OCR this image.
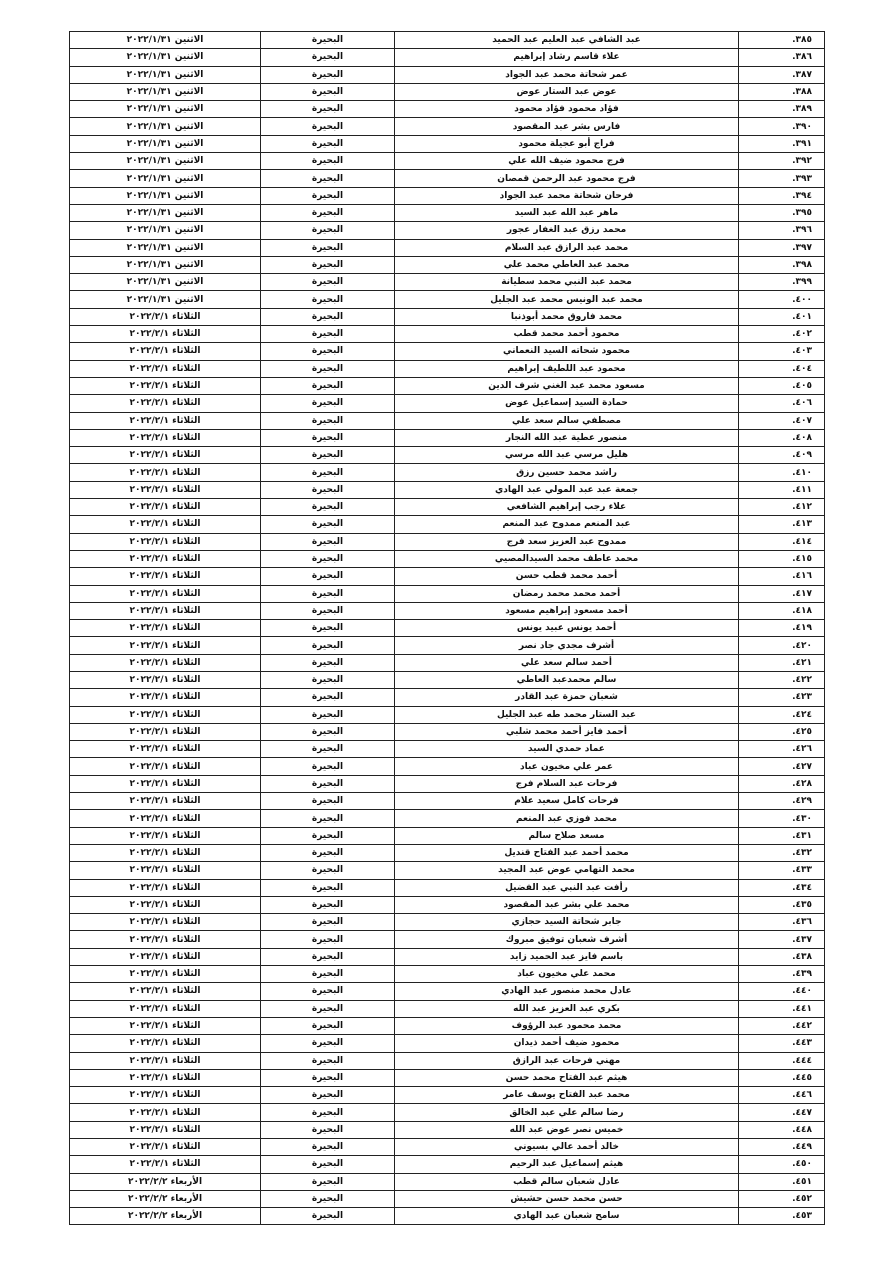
٣٨٥.	عبد الشافي عبد العليم عبد الحميد	البحيرة	الاثنين ٢٠٢٢/١/٣١
٣٨٦.	علاء قاسم رشاد إبراهيم	البحيرة	الاثنين ٢٠٢٢/١/٣١
٣٨٧.	عمر شحاتة محمد عبد الجواد	البحيرة	الاثنين ٢٠٢٢/١/٣١
٣٨٨.	عوض عبد الستار عوض	البحيرة	الاثنين ٢٠٢٢/١/٣١
٣٨٩.	فؤاد محمود فؤاد محمود	البحيرة	الاثنين ٢٠٢٢/١/٣١
٣٩٠.	فارس بشر عبد المقصود	البحيرة	الاثنين ٢٠٢٢/١/٣١
٣٩١.	فراج أبو عجيلة محمود	البحيرة	الاثنين ٢٠٢٢/١/٣١
٣٩٢.	فرج محمود ضيف الله علي	البحيرة	الاثنين ٢٠٢٢/١/٣١
٣٩٣.	فرج محمود عبد الرحمن قمصان	البحيرة	الاثنين ٢٠٢٢/١/٣١
٣٩٤.	فرحان شحاتة محمد عبد الجواد	البحيرة	الاثنين ٢٠٢٢/١/٣١
٣٩٥.	ماهر عبد الله عبد السيد	البحيرة	الاثنين ٢٠٢٢/١/٣١
٣٩٦.	محمد رزق عبد الغفار عجور	البحيرة	الاثنين ٢٠٢٢/١/٣١
٣٩٧.	محمد عبد الرازق عبد السلام	البحيرة	الاثنين ٢٠٢٢/١/٣١
٣٩٨.	محمد عبد العاطي محمد علي	البحيرة	الاثنين ٢٠٢٢/١/٣١
٣٩٩.	محمد عبد النبي محمد سطيانة	البحيرة	الاثنين ٢٠٢٢/١/٣١
٤٠٠.	محمد عبد الونيس محمد عبد الجليل	البحيرة	الاثنين ٢٠٢٢/١/٣١
٤٠١.	محمد فاروق محمد أبوذنبا	البحيرة	الثلاثاء ٢٠٢٢/٢/١
٤٠٢.	محمود أحمد محمد قطب	البحيرة	الثلاثاء ٢٠٢٢/٢/١
٤٠٣.	محمود شحاته السيد النعماني	البحيرة	الثلاثاء ٢٠٢٢/٢/١
٤٠٤.	محمود عبد اللطيف إبراهيم	البحيرة	الثلاثاء ٢٠٢٢/٢/١
٤٠٥.	مسعود محمد عبد الغني شرف الدين	البحيرة	الثلاثاء ٢٠٢٢/٢/١
٤٠٦.	حمادة السيد إسماعيل عوض	البحيرة	الثلاثاء ٢٠٢٢/٢/١
٤٠٧.	مصطفي سالم سعد علي	البحيرة	الثلاثاء ٢٠٢٢/٢/١
٤٠٨.	منصور عطية عبد الله النجار	البحيرة	الثلاثاء ٢٠٢٢/٢/١
٤٠٩.	هليل مرسي عبد الله مرسي	البحيرة	الثلاثاء ٢٠٢٢/٢/١
٤١٠.	راشد محمد حسين رزق	البحيرة	الثلاثاء ٢٠٢٢/٢/١
٤١١.	جمعة عبد عبد المولي عبد الهادي	البحيرة	الثلاثاء ٢٠٢٢/٢/١
٤١٢.	علاء رجب إبراهيم الشافعي	البحيرة	الثلاثاء ٢٠٢٢/٢/١
٤١٣.	عبد المنعم ممدوح عبد المنعم	البحيرة	الثلاثاء ٢٠٢٢/٢/١
٤١٤.	ممدوح عبد العزيز سعد فرج	البحيرة	الثلاثاء ٢٠٢٢/٢/١
٤١٥.	محمد عاطف محمد السيدالمصيي	البحيرة	الثلاثاء ٢٠٢٢/٢/١
٤١٦.	أحمد محمد قطب حسن	البحيرة	الثلاثاء ٢٠٢٢/٢/١
٤١٧.	أحمد محمد محمد رمضان	البحيرة	الثلاثاء ٢٠٢٢/٢/١
٤١٨.	أحمد مسعود إبراهيم مسعود	البحيرة	الثلاثاء ٢٠٢٢/٢/١
٤١٩.	أحمد يونس عبيد يونس	البحيرة	الثلاثاء ٢٠٢٢/٢/١
٤٢٠.	أشرف مجدي جاد نصر	البحيرة	الثلاثاء ٢٠٢٢/٢/١
٤٢١.	أحمد سالم سعد علي	البحيرة	الثلاثاء ٢٠٢٢/٢/١
٤٢٢.	سالم محمدعبد العاطي	البحيرة	الثلاثاء ٢٠٢٢/٢/١
٤٢٣.	شعبان حمزة عبد القادر	البحيرة	الثلاثاء ٢٠٢٢/٢/١
٤٢٤.	عبد الستار محمد طه عبد الجليل	البحيرة	الثلاثاء ٢٠٢٢/٢/١
٤٢٥.	أحمد فايز أحمد محمد شلبي	البحيرة	الثلاثاء ٢٠٢٢/٢/١
٤٢٦.	عماد حمدي السيد	البحيرة	الثلاثاء ٢٠٢٢/٢/١
٤٢٧.	عمر علي مخيون عباد	البحيرة	الثلاثاء ٢٠٢٢/٢/١
٤٢٨.	فرحات عبد السلام فرج	البحيرة	الثلاثاء ٢٠٢٢/٢/١
٤٢٩.	فرحات كامل سعيد علام	البحيرة	الثلاثاء ٢٠٢٢/٢/١
٤٣٠.	محمد فوزي عبد المنعم	البحيرة	الثلاثاء ٢٠٢٢/٢/١
٤٣١.	مسعد صلاح سالم	البحيرة	الثلاثاء ٢٠٢٢/٢/١
٤٣٢.	محمد أحمد عبد الفتاح قنديل	البحيرة	الثلاثاء ٢٠٢٢/٢/١
٤٣٣.	محمد التهامي عوض عبد المجيد	البحيرة	الثلاثاء ٢٠٢٢/٢/١
٤٣٤.	رأفت عبد النبي عبد الفضيل	البحيرة	الثلاثاء ٢٠٢٢/٢/١
٤٣٥.	محمد علي بشر عبد المقصود	البحيرة	الثلاثاء ٢٠٢٢/٢/١
٤٣٦.	جابر شحاتة السيد حجازي	البحيرة	الثلاثاء ٢٠٢٢/٢/١
٤٣٧.	أشرف شعبان توفيق مبروك	البحيرة	الثلاثاء ٢٠٢٢/٢/١
٤٣٨.	باسم فايز عبد الحميد زايد	البحيرة	الثلاثاء ٢٠٢٢/٢/١
٤٣٩.	محمد علي مخيون عباد	البحيرة	الثلاثاء ٢٠٢٢/٢/١
٤٤٠.	عادل محمد منصور عبد الهادي	البحيرة	الثلاثاء ٢٠٢٢/٢/١
٤٤١.	بكري عبد العزيز عبد الله	البحيرة	الثلاثاء ٢٠٢٢/٢/١
٤٤٢.	محمد محمود عبد الرؤوف	البحيرة	الثلاثاء ٢٠٢٢/٢/١
٤٤٣.	محمود ضيف أحمد ذيدان	البحيرة	الثلاثاء ٢٠٢٢/٢/١
٤٤٤.	مهني فرحات عبد الرازق	البحيرة	الثلاثاء ٢٠٢٢/٢/١
٤٤٥.	هيثم عبد الفتاح محمد حسن	البحيرة	الثلاثاء ٢٠٢٢/٢/١
٤٤٦.	محمد عبد الفتاح يوسف عامر	البحيرة	الثلاثاء ٢٠٢٢/٢/١
٤٤٧.	رضا سالم علي عبد الخالق	البحيرة	الثلاثاء ٢٠٢٢/٢/١
٤٤٨.	خميس نصر عوض عبد الله	البحيرة	الثلاثاء ٢٠٢٢/٢/١
٤٤٩.	خالد أحمد عالي بسيوني	البحيرة	الثلاثاء ٢٠٢٢/٢/١
٤٥٠.	هيثم إسماعيل عبد الرحيم	البحيرة	الثلاثاء ٢٠٢٢/٢/١
٤٥١.	عادل شعبان سالم قطب	البحيرة	الأربعاء ٢٠٢٢/٢/٢
٤٥٢.	حسن محمد حسن حشيش	البحيرة	الأربعاء ٢٠٢٢/٢/٢
٤٥٣.	سامح شعبان عبد الهادي	البحيرة	الأربعاء ٢٠٢٢/٢/٢
